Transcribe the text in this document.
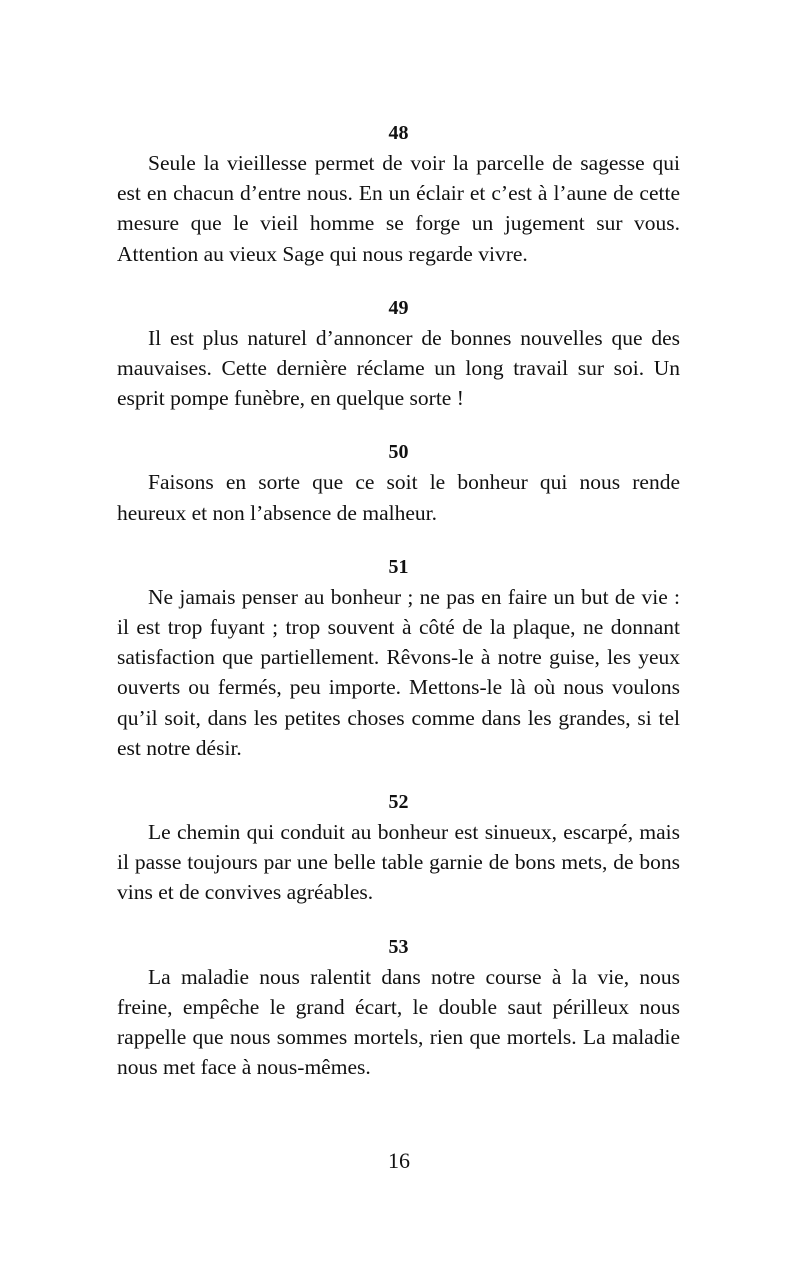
48

Seule la vieillesse permet de voir la parcelle de sagesse qui est en chacun d’entre nous. En un éclair et c’est à l’aune de cette mesure que le vieil homme se forge un jugement sur vous. Attention au vieux Sage qui nous regarde vivre.

49

Il est plus naturel d’annoncer de bonnes nouvelles que des mauvaises. Cette dernière réclame un long travail sur soi. Un esprit pompe funèbre, en quelque sorte !

50

Faisons en sorte que ce soit le bonheur qui nous rende heureux et non l’absence de malheur.

51

Ne jamais penser au bonheur ; ne pas en faire un but de vie : il est trop fuyant ; trop souvent à côté de la plaque, ne donnant satisfaction que partiellement. Rêvons-le à notre guise, les yeux ouverts ou fermés, peu importe. Mettons-le là où nous voulons qu’il soit, dans les petites choses comme dans les grandes, si tel est notre désir.

52

Le chemin qui conduit au bonheur est sinueux, escarpé, mais il passe toujours par une belle table garnie de bons mets, de bons vins et de convives agréables.

53

La maladie nous ralentit dans notre course à la vie, nous freine, empêche le grand écart, le double saut périlleux nous rappelle que nous sommes mortels, rien que mortels. La maladie nous met face à nous-mêmes.

16
